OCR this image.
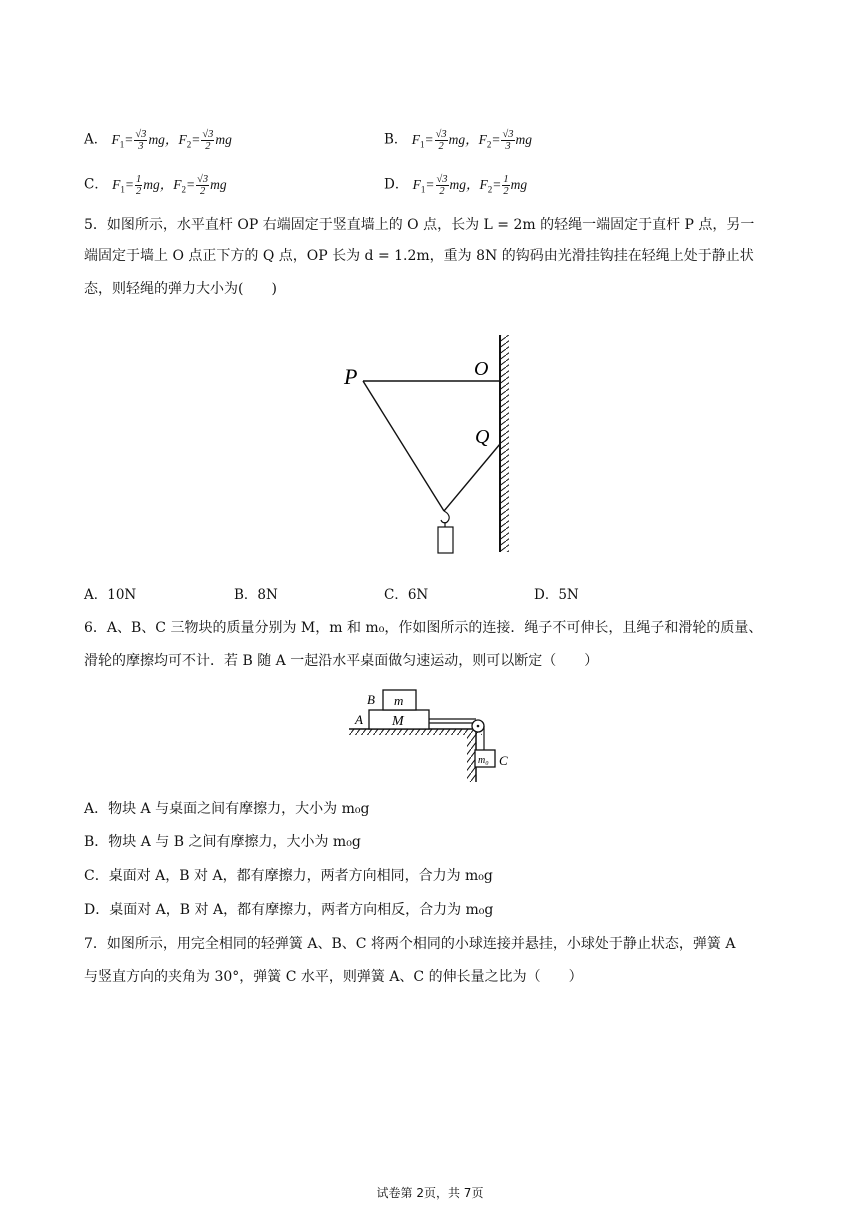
A． $F_1= \frac{√3}{3}$ mg，$F_2= \frac{√3}{2}$ mg	B． $F_1= \frac{√3}{2}$ mg，$F_2= \frac{√3}{3}$ mg
C． $F_1= \frac{1}{2}$ mg，$F_2= \frac{√3}{2}$ mg	D． $F_1= \frac{√3}{2}$ mg，$F_2= \frac{1}{2}$ mg
5．如图所示，水平直杆 OP 右端固定于竖直墙上的 O 点，长为 L = 2m 的轻绳一端固定于直杆 P 点，另一
端固定于墙上 O 点正下方的 Q 点，OP 长为 d = 1.2m，重为 8N 的钩码由光滑挂钩挂在轻绳上处于静止状
态，则轻绳的弹力大小为(　　)
P	O
Q
A．10N	B．8N	C．6N	D．5N
6．A、B、C 三物块的质量分别为 M，m 和 m₀，作如图所示的连接．绳子不可伸长，且绳子和滑轮的质量、
滑轮的摩擦均可不计．若 B 随 A 一起沿水平桌面做匀速运动，则可以断定（　　）
B m
A M
m₀ C
A．物块 A 与桌面之间有摩擦力，大小为 m₀g
B．物块 A 与 B 之间有摩擦力，大小为 m₀g
C．桌面对 A，B 对 A，都有摩擦力，两者方向相同，合力为 m₀g
D．桌面对 A，B 对 A，都有摩擦力，两者方向相反，合力为 m₀g
7．如图所示，用完全相同的轻弹簧 A、B、C 将两个相同的小球连接并悬挂，小球处于静止状态，弹簧 A
与竖直方向的夹角为 30°，弹簧 C 水平，则弹簧 A、C 的伸长量之比为（　　）
试卷第 2页，共 7页
